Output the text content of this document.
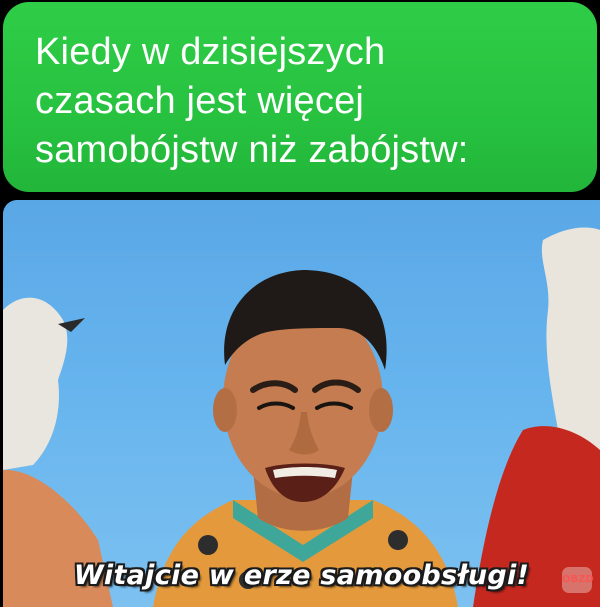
Kiedy w dzisiejszych
czasach jest więcej
samobójstw niż zabójstw:
Witajcie w erze samoobsługi!	OBZD
